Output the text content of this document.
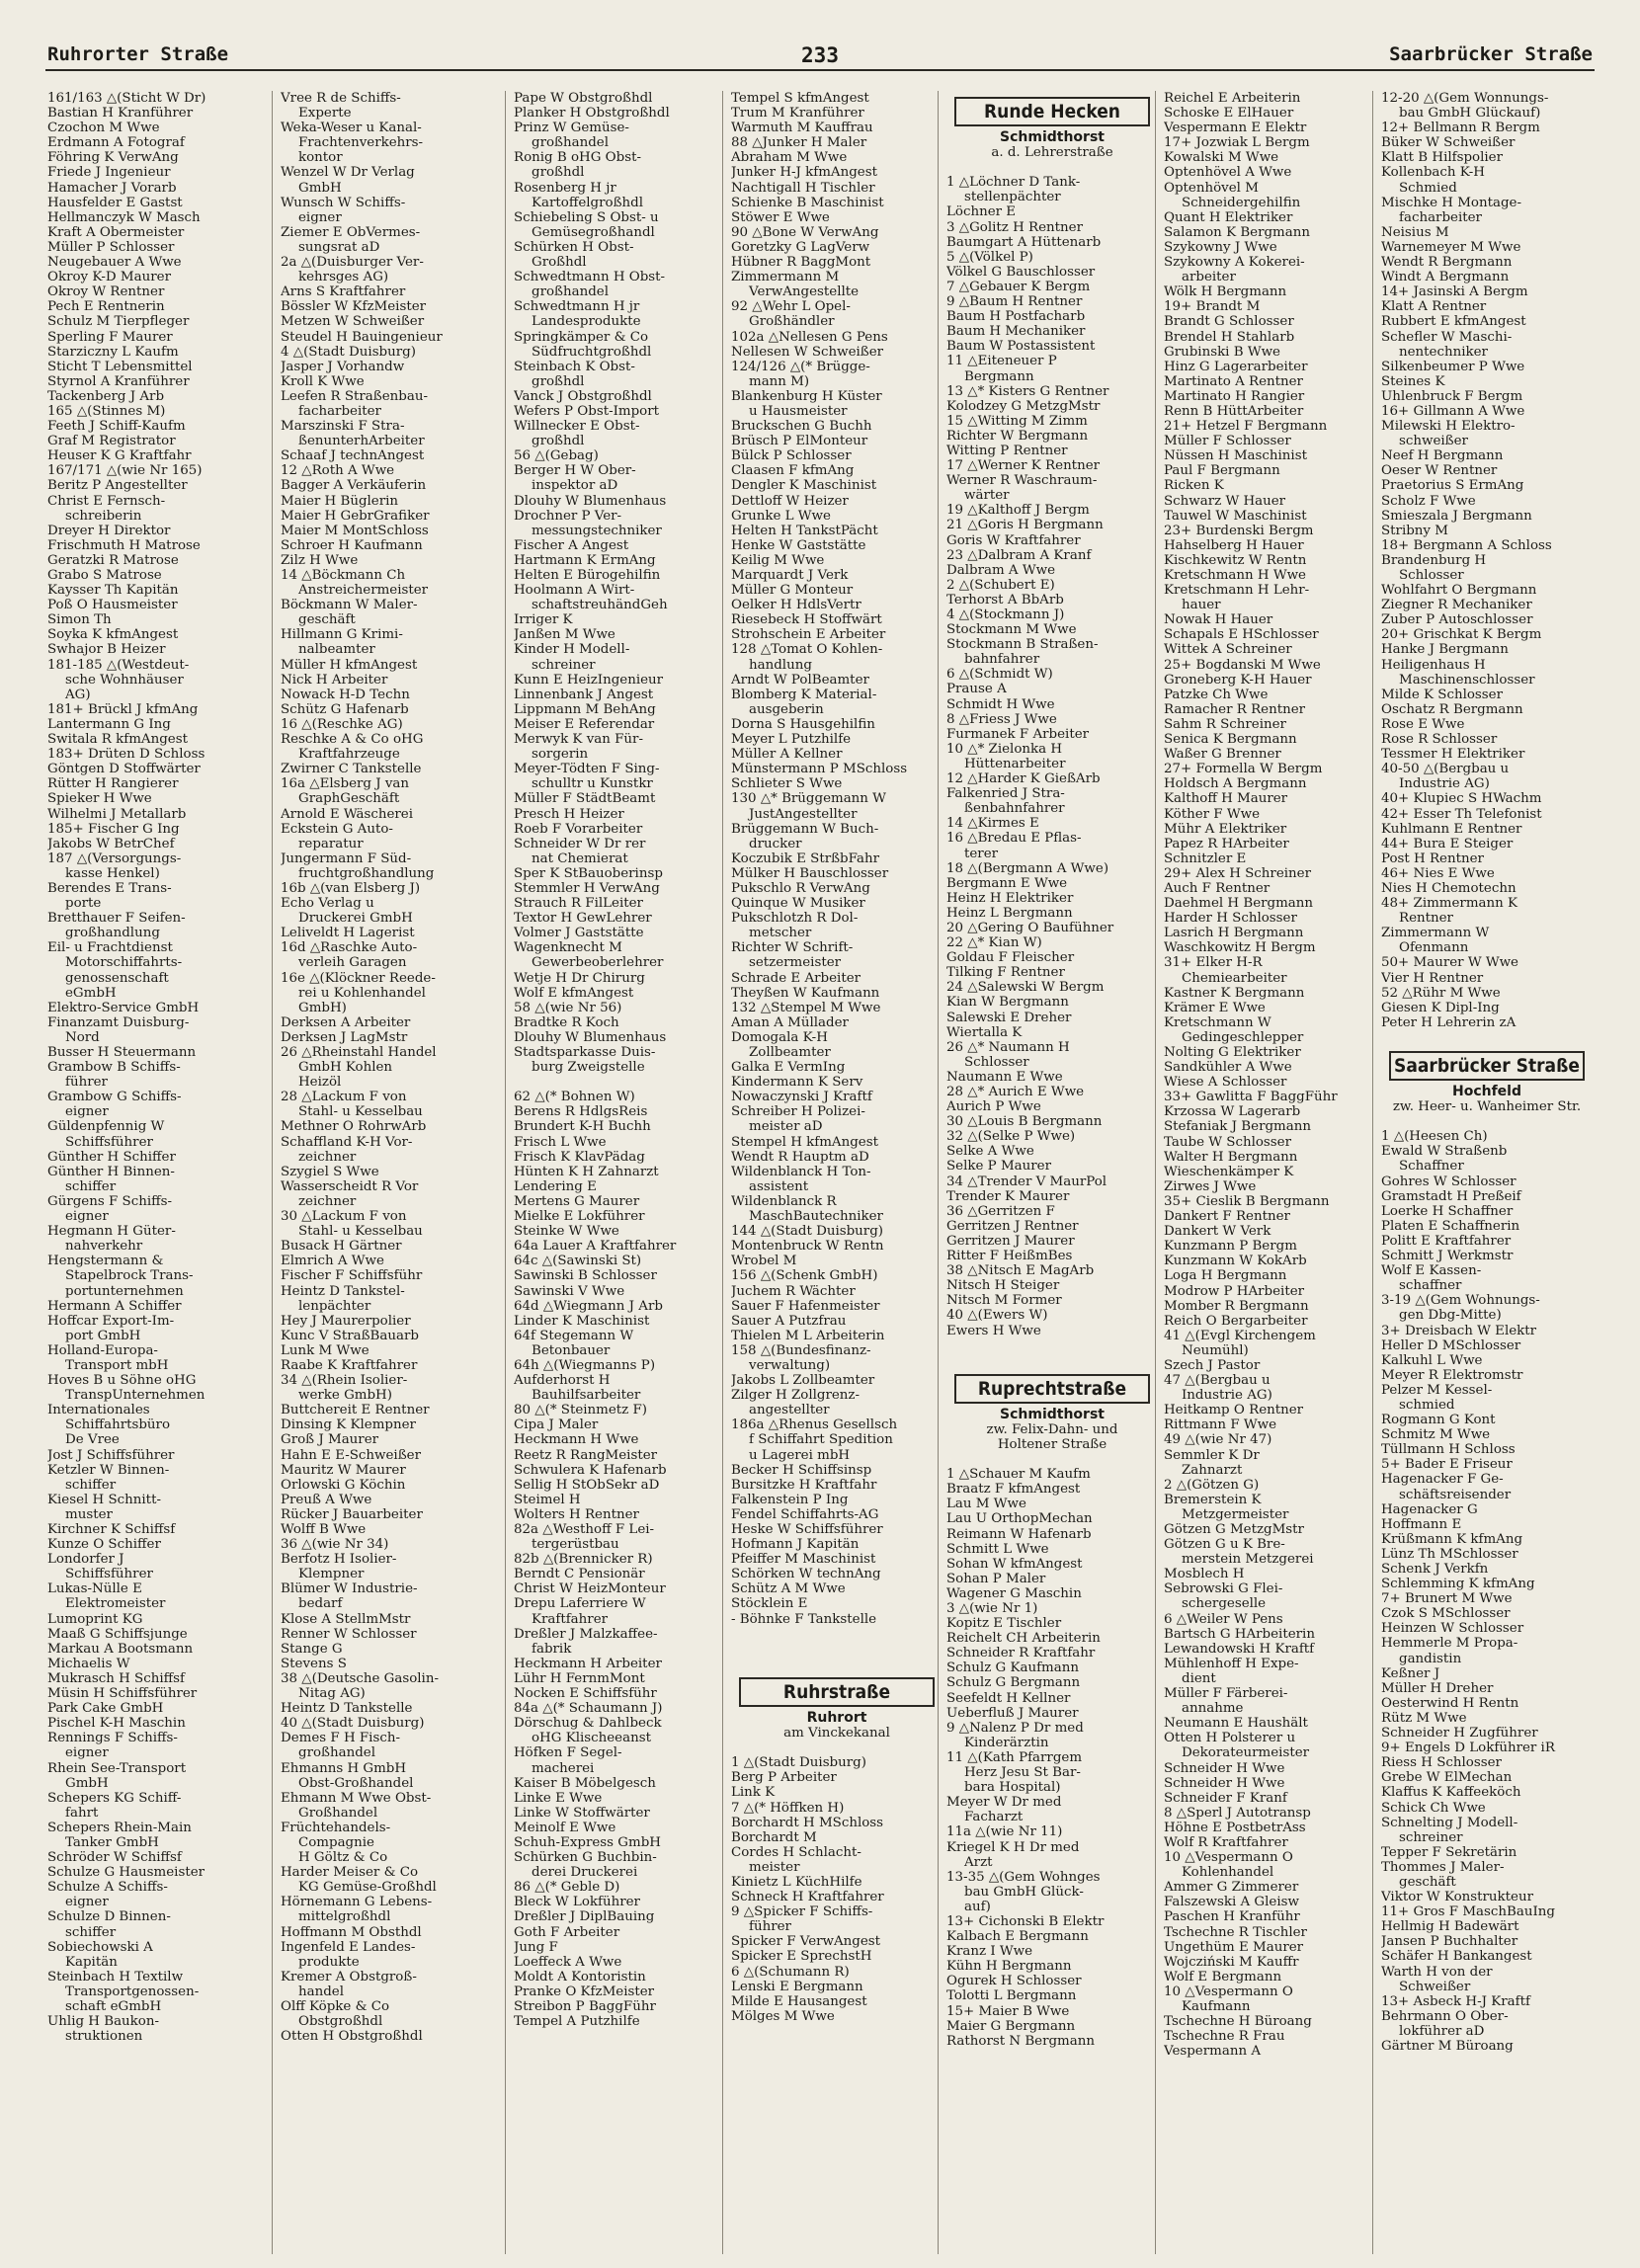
Ruhrorter Straße	233	Saarbrücker Straße
161/163 △(Sticht W Dr)
Bastian H Kranführer
Czochon M Wwe
Erdmann A Fotograf
Föhring K VerwAng
Friede J Ingenieur
Hamacher J Vorarb
Hausfelder E Gastst
Hellmanczyk W Masch
Kraft A Obermeister
Müller P Schlosser
Neugebauer A Wwe
Okroy K-D Maurer
Okroy W Rentner
Pech E Rentnerin
Schulz M Tierpfleger
Sperling F Maurer
Starziczny L Kaufm
Sticht T Lebensmittel
Styrnol A Kranführer
Tackenberg J Arb
165 △(Stinnes M)
Feeth J Schiff-Kaufm
Graf M Registrator
Heuser K G Kraftfahr
167/171 △(wie Nr 165)
Beritz P Angestellter
Christ E Fernsch-
schreiberin
Dreyer H Direktor
Frischmuth H Matrose
Geratzki R Matrose
Grabo S Matrose
Kaysser Th Kapitän
Poß O Hausmeister
Simon Th
Soyka K kfmAngest
Swhajor B Heizer
181-185 △(Westdeut-
sche Wohnhäuser
AG)
181+ Brückl J kfmAng
Lantermann G Ing
Switala R kfmAngest
183+ Drüten D Schloss
Göntgen D Stoffwärter
Rütter H Rangierer
Spieker H Wwe
Wilhelmi J Metallarb
185+ Fischer G Ing
Jakobs W BetrChef
187 △(Versorgungs-
kasse Henkel)
Berendes E Trans-
porte
Bretthauer F Seifen-
großhandlung
Eil- u Frachtdienst
Motorschiffahrts-
genossenschaft
eGmbH
Elektro-Service GmbH
Finanzamt Duisburg-
Nord
Busser H Steuermann
Grambow B Schiffs-
führer
Grambow G Schiffs-
eigner
Güldenpfennig W
Schiffsführer
Günther H Schiffer
Günther H Binnen-
schiffer
Gürgens F Schiffs-
eigner
Hegmann H Güter-
nahverkehr
Hengstermann &
Stapelbrock Trans-
portunternehmen
Hermann A Schiffer
Hoffcar Export-Im-
port GmbH
Holland-Europa-
Transport mbH
Hoves B u Söhne oHG
TranspUnternehmen
Internationales
Schiffahrtsbüro
De Vree
Jost J Schiffsführer
Ketzler W Binnen-
schiffer
Kiesel H Schnitt-
muster
Kirchner K Schiffsf
Kunze O Schiffer
Londorfer J
Schiffsführer
Lukas-Nülle E
Elektromeister
Lumoprint KG
Maaß G Schiffsjunge
Markau A Bootsmann
Michaelis W
Mukrasch H Schiffsf
Müsin H Schiffsführer
Park Cake GmbH
Pischel K-H Maschin
Rennings F Schiffs-
eigner
Rhein See-Transport
GmbH
Schepers KG Schiff-
fahrt
Schepers Rhein-Main
Tanker GmbH
Schröder W Schiffsf
Schulze G Hausmeister
Schulze A Schiffs-
eigner
Schulze D Binnen-
schiffer
Sobiechowski A
Kapitän
Steinbach H Textilw
Transportgenossen-
schaft eGmbH
Uhlig H Baukon-
struktionen
Vree R de Schiffs-
Experte
Weka-Weser u Kanal-
Frachtenverkehrs-
kontor
Wenzel W Dr Verlag
GmbH
Wunsch W Schiffs-
eigner
Ziemer E ObVermes-
sungsrat aD
2a △(Duisburger Ver-
kehrsges AG)
Arns S Kraftfahrer
Bössler W KfzMeister
Metzen W Schweißer
Steudel H Bauingenieur
4 △(Stadt Duisburg)
Jasper J Vorhandw
Kroll K Wwe
Leefen R Straßenbau-
facharbeiter
Marszinski F Stra-
ßenunterhArbeiter
Schaaf J technAngest
12 △Roth A Wwe
Bagger A Verkäuferin
Maier H Büglerin
Maier H GebrGrafiker
Maier M MontSchloss
Schroer H Kaufmann
Zilz H Wwe
14 △Böckmann Ch
Anstreichermeister
Böckmann W Maler-
geschäft
Hillmann G Krimi-
nalbeamter
Müller H kfmAngest
Nick H Arbeiter
Nowack H-D Techn
Schütz G Hafenarb
16 △(Reschke AG)
Reschke A & Co oHG
Kraftfahrzeuge
Zwirner C Tankstelle
16a △Elsberg J van
GraphGeschäft
Arnold E Wäscherei
Eckstein G Auto-
reparatur
Jungermann F Süd-
fruchtgroßhandlung
16b △(van Elsberg J)
Echo Verlag u
Druckerei GmbH
Leliveldt H Lagerist
16d △Raschke Auto-
verleih Garagen
16e △(Klöckner Reede-
rei u Kohlenhandel
GmbH)
Derksen A Arbeiter
Derksen J LagMstr
26 △Rheinstahl Handel
GmbH Kohlen
Heizöl
28 △Lackum F von
Stahl- u Kesselbau
Methner O RohrwArb
Schaffland K-H Vor-
zeichner
Szygiel S Wwe
Wasserscheidt R Vor
zeichner
30 △Lackum F von
Stahl- u Kesselbau
Busack H Gärtner
Elmrich A Wwe
Fischer F Schiffsführ
Heintz D Tankstel-
lenpächter
Hey J Maurerpolier
Kunc V StraßBauarb
Lunk M Wwe
Raabe K Kraftfahrer
34 △(Rhein Isolier-
werke GmbH)
Buttchereit E Rentner
Dinsing K Klempner
Groß J Maurer
Hahn E E-Schweißer
Mauritz W Maurer
Orlowski G Köchin
Preuß A Wwe
Rücker J Bauarbeiter
Wolff B Wwe
36 △(wie Nr 34)
Berfotz H Isolier-
Klempner
Blümer W Industrie-
bedarf
Klose A StellmMstr
Renner W Schlosser
Stange G
Stevens S
38 △(Deutsche Gasolin-
Nitag AG)
Heintz D Tankstelle
40 △(Stadt Duisburg)
Demes F H Fisch-
großhandel
Ehmanns H GmbH
Obst-Großhandel
Ehmann M Wwe Obst-
Großhandel
Früchtehandels-
Compagnie
H Göltz & Co
Harder Meiser & Co
KG Gemüse-Großhdl
Hörnemann G Lebens-
mittelgroßhdl
Hoffmann M Obsthdl
Ingenfeld E Landes-
produkte
Kremer A Obstgroß-
handel
Olff Köpke & Co
Obstgroßhdl
Otten H Obstgroßhdl
Pape W Obstgroßhdl
Planker H Obstgroßhdl
Prinz W Gemüse-
großhandel
Ronig B oHG Obst-
großhdl
Rosenberg H jr
Kartoffelgroßhdl
Schiebeling S Obst- u
Gemüsegroßhandl
Schürken H Obst-
Großhdl
Schwedtmann H Obst-
großhandel
Schwedtmann H jr
Landesprodukte
Springkämper & Co
Südfruchtgroßhdl
Steinbach K Obst-
großhdl
Vanck J Obstgroßhdl
Wefers P Obst-Import
Willnecker E Obst-
großhdl
56 △(Gebag)
Berger H W Ober-
inspektor aD
Dlouhy W Blumenhaus
Drochner P Ver-
messungstechniker
Fischer A Angest
Hartmann K ErmAng
Helten E Bürogehilfin
Hoolmann A Wirt-
schaftstreuhändGeh
Irriger K
Janßen M Wwe
Kinder H Modell-
schreiner
Kunn E HeizIngenieur
Linnenbank J Angest
Lippmann M BehAng
Meiser E Referendar
Merwyk K van Für-
sorgerin
Meyer-Tödten F Sing-
schulltr u Kunstkr
Müller F StädtBeamt
Presch H Heizer
Roeb F Vorarbeiter
Schneider W Dr rer
nat Chemierat
Sper K StBauoberinsp
Stemmler H VerwAng
Strauch R FilLeiter
Textor H GewLehrer
Volmer J Gaststätte
Wagenknecht M
Gewerbeoberlehrer
Wetje H Dr Chirurg
Wolf E kfmAngest
58 △(wie Nr 56)
Bradtke R Koch
Dlouhy W Blumenhaus
Stadtsparkasse Duis-
burg Zweigstelle

62 △(* Bohnen W)
Berens R HdlgsReis
Brundert K-H Buchh
Frisch L Wwe
Frisch K KlavPädag
Hünten K H Zahnarzt
Lendering E
Mertens G Maurer
Mielke E Lokführer
Steinke W Wwe
64a Lauer A Kraftfahrer
64c △(Sawinski St)
Sawinski B Schlosser
Sawinski V Wwe
64d △Wiegmann J Arb
Linder K Maschinist
64f Stegemann W
Betonbauer
64h △(Wiegmanns P)
Aufderhorst H
Bauhilfsarbeiter
80 △(* Steinmetz F)
Cipa J Maler
Heckmann H Wwe
Reetz R RangMeister
Schwulera K Hafenarb
Sellig H StObSekr aD
Steimel H
Wolters H Rentner
82a △Westhoff F Lei-
tergerüstbau
82b △(Brennicker R)
Berndt C Pensionär
Christ W HeizMonteur
Drepu Laferriere W
Kraftfahrer
Dreßler J Malzkaffee-
fabrik
Heckmann H Arbeiter
Lühr H FernmMont
Nocken E Schiffsführ
84a △(* Schaumann J)
Dörschug & Dahlbeck
oHG Klischeeanst
Höfken F Segel-
macherei
Kaiser B Möbelgesch
Linke E Wwe
Linke W Stoffwärter
Meinolf E Wwe
Schuh-Express GmbH
Schürken G Buchbin-
derei Druckerei
86 △(* Geble D)
Bleck W Lokführer
Dreßler J DiplBauing
Goth F Arbeiter
Jung F
Loeffeck A Wwe
Moldt A Kontoristin
Pranke O KfzMeister
Streibon P BaggFühr
Tempel A Putzhilfe
Tempel S kfmAngest
Trum M Kranführer
Warmuth M Kauffrau
88 △Junker H Maler
Abraham M Wwe
Junker H-J kfmAngest
Nachtigall H Tischler
Schienke B Maschinist
Stöwer E Wwe
90 △Bone W VerwAng
Goretzky G LagVerw
Hübner R BaggMont
Zimmermann M
VerwAngestellte
92 △Wehr L Opel-
Großhändler
102a △Nellesen G Pens
Nellesen W Schweißer
124/126 △(* Brügge-
mann M)
Blankenburg H Küster
u Hausmeister
Bruckschen G Buchh
Brüsch P ElMonteur
Bülck P Schlosser
Claasen F kfmAng
Dengler K Maschinist
Dettloff W Heizer
Grunke L Wwe
Helten H TankstPächt
Henke W Gaststätte
Keilig M Wwe
Marquardt J Verk
Müller G Monteur
Oelker H HdlsVertr
Riesebeck H Stoffwärt
Strohschein E Arbeiter
128 △Tomat O Kohlen-
handlung
Arndt W PolBeamter
Blomberg K Material-
ausgeberin
Dorna S Hausgehilfin
Meyer L Putzhilfe
Müller A Kellner
Münstermann P MSchloss
Schlieter S Wwe
130 △* Brüggemann W
JustAngestellter
Brüggemann W Buch-
drucker
Koczubik E StrßbFahr
Mülker H Bauschlosser
Pukschlo R VerwAng
Quinque W Musiker
Pukschlotzh R Dol-
metscher
Richter W Schrift-
setzermeister
Schrade E Arbeiter
Theyßen W Kaufmann
132 △Stempel M Wwe
Aman A Müllader
Domogala K-H
Zollbeamter
Galka E VermIng
Kindermann K Serv
Nowaczynski J Kraftf
Schreiber H Polizei-
meister aD
Stempel H kfmAngest
Wendt R Hauptm aD
Wildenblanck H Ton-
assistent
Wildenblanck R
MaschBautechniker
144 △(Stadt Duisburg)
Montenbruck W Rentn
Wrobel M
156 △(Schenk GmbH)
Juchem R Wächter
Sauer F Hafenmeister
Sauer A Putzfrau
Thielen M L Arbeiterin
158 △(Bundesfinanz-
verwaltung)
Jakobs L Zollbeamter
Zilger H Zollgrenz-
angestellter
186a △Rhenus Gesellsch
f Schiffahrt Spedition
u Lagerei mbH
Becker H Schiffsinsp
Bursitzke H Kraftfahr
Falkenstein P Ing
Fendel Schiffahrts-AG
Heske W Schiffsführer
Hofmann J Kapitän
Pfeiffer M Maschinist
Schörken W technAng
Schütz A M Wwe
Stöcklein E
- Böhnke F Tankstelle

Ruhrstraße
Ruhrort
am Vinckekanal

1 △(Stadt Duisburg)
Berg P Arbeiter
Link K
7 △(* Höffken H)
Borchardt H MSchloss
Borchardt M
Cordes H Schlacht-
meister
Kinietz L KüchHilfe
Schneck H Kraftfahrer
9 △Spicker F Schiffs-
führer
Spicker F VerwAngest
Spicker E SprechstH
6 △(Schumann R)
Lenski E Bergmann
Milde E Hausangest
Mölges M Wwe
Runde Hecken
Schmidthorst
a. d. Lehrerstraße

1 △Löchner D Tank-
stellenpächter
Löchner E
3 △Golitz H Rentner
Baumgart A Hüttenarb
5 △(Völkel P)
Völkel G Bauschlosser
7 △Gebauer K Bergm
9 △Baum H Rentner
Baum H Postfacharb
Baum H Mechaniker
Baum W Postassistent
11 △Eiteneuer P
Bergmann
13 △* Kisters G Rentner
Kolodzey G MetzgMstr
15 △Witting M Zimm
Richter W Bergmann
Witting P Rentner
17 △Werner K Rentner
Werner R Waschraum-
wärter
19 △Kalthoff J Bergm
21 △Goris H Bergmann
Goris W Kraftfahrer
23 △Dalbram A Kranf
Dalbram A Wwe
2 △(Schubert E)
Terhorst A BbArb
4 △(Stockmann J)
Stockmann M Wwe
Stockmann B Straßen-
bahnfahrer
6 △(Schmidt W)
Prause A
Schmidt H Wwe
8 △Friess J Wwe
Furmanek F Arbeiter
10 △* Zielonka H
Hüttenarbeiter
12 △Harder K GießArb
Falkenried J Stra-
ßenbahnfahrer
14 △Kirmes E
16 △Bredau E Pflas-
terer
18 △(Bergmann A Wwe)
Bergmann E Wwe
Heinz H Elektriker
Heinz L Bergmann
20 △Gering O Baufühner
22 △* Kian W)
Goldau F Fleischer
Tilking F Rentner
24 △Salewski W Bergm
Kian W Bergmann
Salewski E Dreher
Wiertalla K
26 △* Naumann H
Schlosser
Naumann E Wwe
28 △* Aurich E Wwe
Aurich P Wwe
30 △Louis B Bergmann
32 △(Selke P Wwe)
Selke A Wwe
Selke P Maurer
34 △Trender V MaurPol
Trender K Maurer
36 △Gerritzen F
Gerritzen J Rentner
Gerritzen J Maurer
Ritter F HeißmBes
38 △Nitsch E MagArb
Nitsch H Steiger
Nitsch M Former
40 △(Ewers W)
Ewers H Wwe

Ruprechtstraße
Schmidthorst
zw. Felix-Dahn- und
Holtener Straße

1 △Schauer M Kaufm
Braatz F kfmAngest
Lau M Wwe
Lau U OrthopMechan
Reimann W Hafenarb
Schmitt L Wwe
Sohan W kfmAngest
Sohan P Maler
Wagener G Maschin
3 △(wie Nr 1)
Kopitz E Tischler
Reichelt CH Arbeiterin
Schneider R Kraftfahr
Schulz G Kaufmann
Schulz G Bergmann
Seefeldt H Kellner
Ueberfluß J Maurer
9 △Nalenz P Dr med
Kinderärztin
11 △(Kath Pfarrgem
Herz Jesu St Bar-
bara Hospital)
Meyer W Dr med
Facharzt
11a △(wie Nr 11)
Kriegel K H Dr med
Arzt
13-35 △(Gem Wohnges
bau GmbH Glück-
auf)
13+ Cichonski B Elektr
Kalbach E Bergmann
Kranz I Wwe
Kühn H Bergmann
Ogurek H Schlosser
Tolotti L Bergmann
15+ Maier B Wwe
Maier G Bergmann
Rathorst N Bergmann
Reichel E Arbeiterin
Schoske E ElHauer
Vespermann E Elektr
17+ Jozwiak L Bergm
Kowalski M Wwe
Optenhövel A Wwe
Optenhövel M
Schneidergehilfin
Quant H Elektriker
Salamon K Bergmann
Szykowny J Wwe
Szykowny A Kokerei-
arbeiter
Wölk H Bergmann
19+ Brandt M
Brandt G Schlosser
Brendel H Stahlarb
Grubinski B Wwe
Hinz G Lagerarbeiter
Martinato A Rentner
Martinato H Rangier
Renn B HüttArbeiter
21+ Hetzel F Bergmann
Müller F Schlosser
Nüssen H Maschinist
Paul F Bergmann
Ricken K
Schwarz W Hauer
Tauwel W Maschinist
23+ Burdenski Bergm
Hahselberg H Hauer
Kischkewitz W Rentn
Kretschmann H Wwe
Kretschmann H Lehr-
hauer
Nowak H Hauer
Schapals E HSchlosser
Wittek A Schreiner
25+ Bogdanski M Wwe
Groneberg K-H Hauer
Patzke Ch Wwe
Ramacher R Rentner
Sahm R Schreiner
Senica K Bergmann
Waßer G Brenner
27+ Formella W Bergm
Holdsch A Bergmann
Kalthoff H Maurer
Köther F Wwe
Mühr A Elektriker
Papez R HArbeiter
Schnitzler E
29+ Alex H Schreiner
Auch F Rentner
Daehmel H Bergmann
Harder H Schlosser
Lasrich H Bergmann
Waschkowitz H Bergm
31+ Elker H-R
Chemiearbeiter
Kastner K Bergmann
Krämer E Wwe
Kretschmann W
Gedingeschlepper
Nolting G Elektriker
Sandkühler A Wwe
Wiese A Schlosser
33+ Gawlitta F BaggFühr
Krzossa W Lagerarb
Stefaniak J Bergmann
Taube W Schlosser
Walter H Bergmann
Wieschenkämper K
Zirwes J Wwe
35+ Cieslik B Bergmann
Dankert F Rentner
Dankert W Verk
Kunzmann P Bergm
Kunzmann W KokArb
Loga H Bergmann
Modrow P HArbeiter
Momber R Bergmann
Reich O Bergarbeiter
41 △(Evgl Kirchengem
Neumühl)
Szech J Pastor
47 △(Bergbau u
Industrie AG)
Heitkamp O Rentner
Rittmann F Wwe
49 △(wie Nr 47)
Semmler K Dr
Zahnarzt
2 △(Götzen G)
Bremerstein K
Metzgermeister
Götzen G MetzgMstr
Götzen G u K Bre-
merstein Metzgerei
Mosblech H
Sebrowski G Flei-
schergeselle
6 △Weiler W Pens
Bartsch G HArbeiterin
Lewandowski H Kraftf
Mühlenhoff H Expe-
dient
Müller F Färberei-
annahme
Neumann E Haushält
Otten H Polsterer u
Dekorateurmeister
Schneider H Wwe
Schneider H Wwe
Schneider F Kranf
8 △Sperl J Autotransp
Höhne E PostbetrAss
Wolf R Kraftfahrer
10 △Vespermann O
Kohlenhandel
Ammer G Zimmerer
Falszewski A Gleisw
Paschen H Kranführ
Tschechne R Tischler
Ungethüm E Maurer
Wojcziński M Kauffr
Wolf E Bergmann
10 △Vespermann O
Kaufmann
Tschechne H Büroang
Tschechne R Frau
Vespermann A
12-20 △(Gem Wonnungs-
bau GmbH Glückauf)
12+ Bellmann R Bergm
Büker W Schweißer
Klatt B Hilfspolier
Kollenbach K-H
Schmied
Mischke H Montage-
facharbeiter
Neisius M
Warnemeyer M Wwe
Wendt R Bergmann
Windt A Bergmann
14+ Jasinski A Bergm
Klatt A Rentner
Rubbert E kfmAngest
Schefler W Maschi-
nentechniker
Silkenbeumer P Wwe
Steines K
Uhlenbruck F Bergm
16+ Gillmann A Wwe
Milewski H Elektro-
schweißer
Neef H Bergmann
Oeser W Rentner
Praetorius S ErmAng
Scholz F Wwe
Smieszala J Bergmann
Stribny M
18+ Bergmann A Schloss
Brandenburg H
Schlosser
Wohlfahrt O Bergmann
Ziegner R Mechaniker
Zuber P Autoschlosser
20+ Grischkat K Bergm
Hanke J Bergmann
Heiligenhaus H
Maschinenschlosser
Milde K Schlosser
Oschatz R Bergmann
Rose E Wwe
Rose R Schlosser
Tessmer H Elektriker
40-50 △(Bergbau u
Industrie AG)
40+ Klupiec S HWachm
42+ Esser Th Telefonist
Kuhlmann E Rentner
44+ Bura E Steiger
Post H Rentner
46+ Nies E Wwe
Nies H Chemotechn
48+ Zimmermann K
Rentner
Zimmermann W
Ofenmann
50+ Maurer W Wwe
Vier H Rentner
52 △Rühr M Wwe
Giesen K Dipl-Ing
Peter H Lehrerin zA

Saarbrücker Straße
Hochfeld
zw. Heer- u. Wanheimer Str.

1 △(Heesen Ch)
Ewald W Straßenb
Schaffner
Gohres W Schlosser
Gramstadt H Preßeif
Loerke H Schaffner
Platen E Schaffnerin
Politt E Kraftfahrer
Schmitt J Werkmstr
Wolf E Kassen-
schaffner
3-19 △(Gem Wohnungs-
gen Dbg-Mitte)
3+ Dreisbach W Elektr
Heller D MSchlosser
Kalkuhl L Wwe
Meyer R Elektromstr
Pelzer M Kessel-
schmied
Rogmann G Kont
Schmitz M Wwe
Tüllmann H Schloss
5+ Bader E Friseur
Hagenacker F Ge-
schäftsreisender
Hagenacker G
Hoffmann E
Krüßmann K kfmAng
Lünz Th MSchlosser
Schenk J Verkfn
Schlemming K kfmAng
7+ Brunert M Wwe
Czok S MSchlosser
Heinzen W Schlosser
Hemmerle M Propa-
gandistin
Keßner J
Müller H Dreher
Oesterwind H Rentn
Rütz M Wwe
Schneider H Zugführer
9+ Engels D Lokführer iR
Riess H Schlosser
Grebe W ElMechan
Klaffus K Kaffeeköch
Schick Ch Wwe
Schnelting J Modell-
schreiner
Tepper F Sekretärin
Thommes J Maler-
geschäft
Viktor W Konstrukteur
11+ Gros F MaschBauIng
Hellmig H Badewärt
Jansen P Buchhalter
Schäfer H Bankangest
Warth H von der
Schweißer
13+ Asbeck H-J Kraftf
Behrmann O Ober-
lokführer aD
Gärtner M Büroang
